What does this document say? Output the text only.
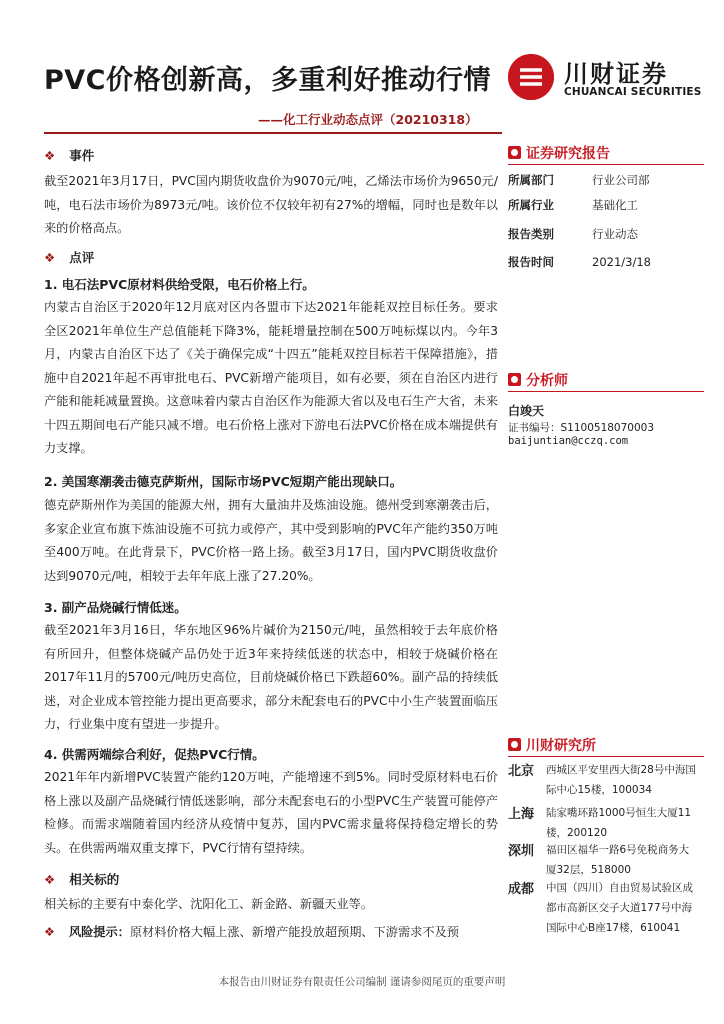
PVC价格创新高，多重利好推动行情
——化工行业动态点评（20210318）
川财证券
CHUANCAI SECURITIES
❖ 事件

截至2021年3月17日，PVC国内期货收盘价为9070元/吨，乙烯法市场价为9650元/吨，电石法市场价为8973元/吨。该价位不仅较年初有27%的增幅，同时也是数年以来的价格高点。

❖ 点评
1. 电石法PVC原材料供给受限，电石价格上行。

内蒙古自治区于2020年12月底对区内各盟市下达2021年能耗双控目标任务。要求全区2021年单位生产总值能耗下降3%，能耗增量控制在500万吨标煤以内。今年3月，内蒙古自治区下达了《关于确保完成“十四五”能耗双控目标若干保障措施》，措施中自2021年起不再审批电石、PVC新增产能项目，如有必要，须在自治区内进行产能和能耗减量置换。这意味着内蒙古自治区作为能源大省以及电石生产大省，未来十四五期间电石产能只减不增。电石价格上涨对下游电石法PVC价格在成本端提供有力支撑。

2. 美国寒潮袭击德克萨斯州，国际市场PVC短期产能出现缺口。

德克萨斯州作为美国的能源大州，拥有大量油井及炼油设施。德州受到寒潮袭击后，多家企业宣布旗下炼油设施不可抗力或停产，其中受到影响的PVC年产能约350万吨至400万吨。在此背景下，PVC价格一路上扬。截至3月17日，国内PVC期货收盘价达到9070元/吨，相较于去年年底上涨了27.20%。

3. 副产品烧碱行情低迷。

截至2021年3月16日，华东地区96%片碱价为2150元/吨，虽然相较于去年底价格有所回升，但整体烧碱产品仍处于近3年来持续低迷的状态中，相较于烧碱价格在2017年11月的5700元/吨历史高位，目前烧碱价格已下跌超60%。副产品的持续低迷，对企业成本管控能力提出更高要求，部分未配套电石的PVC中小生产装置面临压力，行业集中度有望进一步提升。

4. 供需两端综合利好，促热PVC行情。

2021年年内新增PVC装置产能约120万吨，产能增速不到5%。同时受原材料电石价格上涨以及副产品烧碱行情低迷影响，部分未配套电石的小型PVC生产装置可能停产检修。而需求端随着国内经济从疫情中复苏，国内PVC需求量将保持稳定增长的势头。在供需两端双重支撑下，PVC行情有望持续。

❖ 相关标的

相关标的主要有中泰化学、沈阳化工、新金路、新疆天业等。

❖ 风险提示：原材料价格大幅上涨、新增产能投放超预期、下游需求不及预
证券研究报告
所属部门	行业公司部
所属行业	基础化工
报告类别	行业动态
报告时间	2021/3/18
分析师
白竣天
证书编号：S1100518070003
baijuntian@cczq.com
川财研究所
北京 西城区平安里西大街28号中海国际中心15楼，100034
上海 陆家嘴环路1000号恒生大厦11楼，200120
深圳 福田区福华一路6号免税商务大厦32层，518000
成都 中国（四川）自由贸易试验区成都市高新区交子大道177号中海国际中心B座17楼，610041
本报告由川财证券有限责任公司编制 谨请参阅尾页的重要声明
